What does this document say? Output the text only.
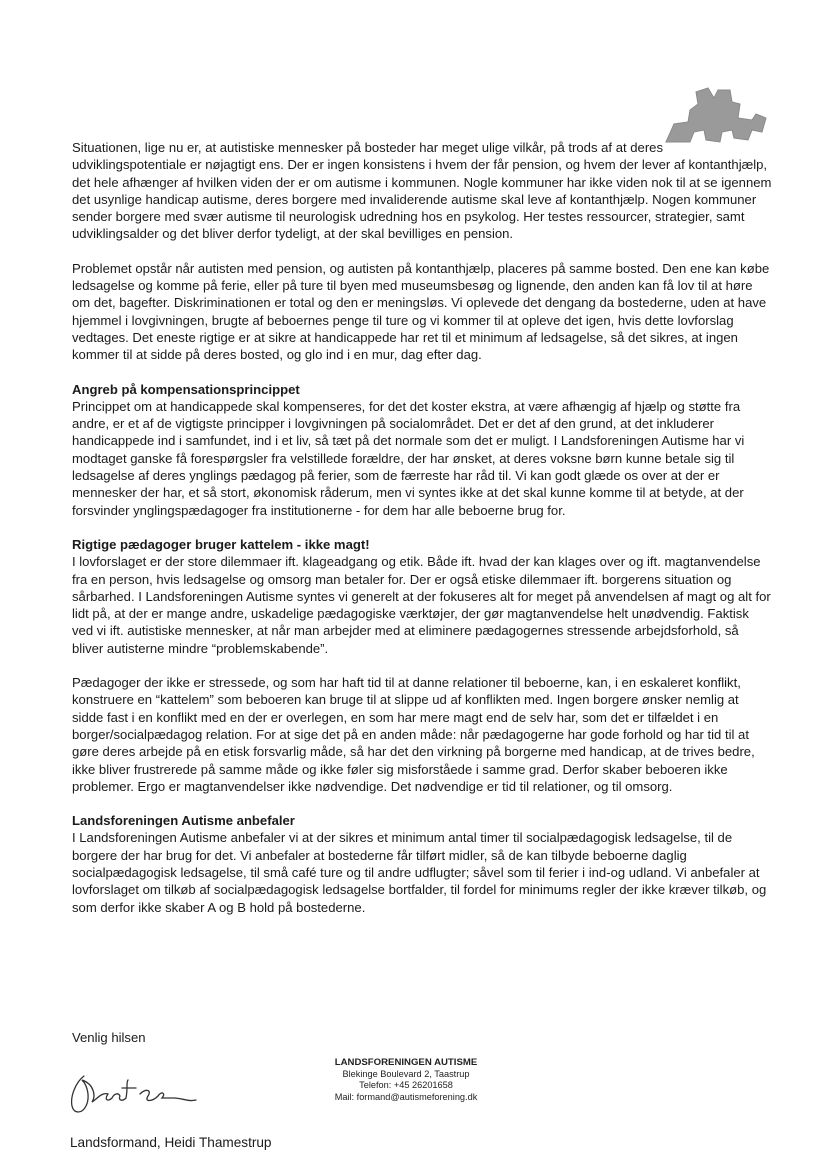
Situationen, lige nu er, at autistiske mennesker på bosteder har meget ulige vilkår, på trods af at deres udviklingspotentiale er nøjagtigt ens. Der er ingen konsistens i hvem der får pension, og hvem der lever af kontanthjælp, det hele afhænger af hvilken viden der er om autisme i kommunen. Nogle kommuner har ikke viden nok til at se igennem det usynlige handicap autisme, deres borgere med invaliderende autisme skal leve af kontanthjælp. Nogen kommuner sender borgere med svær autisme til neurologisk udredning hos en psykolog. Her testes ressourcer, strategier, samt udviklingsalder og det bliver derfor tydeligt, at der skal bevilliges en pension.
Problemet opstår når autisten med pension, og autisten på kontanthjælp, placeres på samme bosted. Den ene kan købe ledsagelse og komme på ferie, eller på ture til byen med museumsbesøg og lignende, den anden kan få lov til at høre om det, bagefter. Diskriminationen er total og den er meningsløs. Vi oplevede det dengang da bostederne, uden at have hjemmel i lovgivningen, brugte af beboernes penge til ture og vi kommer til at opleve det igen, hvis dette lovforslag vedtages. Det eneste rigtige er at sikre at handicappede har ret til et minimum af ledsagelse, så det sikres, at ingen kommer til at sidde på deres bosted, og glo ind i en mur, dag efter dag.
Angreb på kompensationsprincippet
Princippet om at handicappede skal kompenseres, for det det koster ekstra, at være afhængig af hjælp og støtte fra andre, er et af de vigtigste principper i lovgivningen på socialområdet. Det er det af den grund, at det inkluderer handicappede ind i samfundet, ind i et liv, så tæt på det normale som det er muligt. I Landsforeningen Autisme har vi modtaget ganske få forespørgsler fra velstillede forældre, der har ønsket, at deres voksne børn kunne betale sig til ledsagelse af deres ynglings pædagog på ferier, som de færreste har råd til. Vi kan godt glæde os over at der er mennesker der har, et så stort, økonomisk råderum, men vi syntes ikke at det skal kunne komme til at betyde, at der forsvinder ynglingspædagoger fra institutionerne - for dem har alle beboerne brug for.
Rigtige pædagoger bruger kattelem - ikke magt!
I lovforslaget er der store dilemmaer ift. klageadgang og etik. Både ift. hvad der kan klages over og ift. magtanvendelse fra en person, hvis ledsagelse og omsorg man betaler for. Der er også etiske dilemmaer ift. borgerens situation og sårbarhed. I Landsforeningen Autisme syntes vi generelt at der fokuseres alt for meget på anvendelsen af magt og alt for lidt på, at der er mange andre, uskadelige pædagogiske værktøjer, der gør magtanvendelse helt unødvendig. Faktisk ved vi ift. autistiske mennesker, at når man arbejder med at eliminere pædagogernes stressende arbejdsforhold, så bliver autisterne mindre “problemskabende”.
Pædagoger der ikke er stressede, og som har haft tid til at danne relationer til beboerne, kan, i en eskaleret konflikt, konstruere en “kattelem” som beboeren kan bruge til at slippe ud af konflikten med. Ingen borgere ønsker nemlig at sidde fast i en konflikt med en der er overlegen, en som har mere magt end de selv har, som det er tilfældet i en borger/socialpædagog relation. For at sige det på en anden måde: når pædagogerne har gode forhold og har tid til at gøre deres arbejde på en etisk forsvarlig måde, så har det den virkning på borgerne med handicap, at de trives bedre, ikke bliver frustrerede på samme måde og ikke føler sig misforståede i samme grad. Derfor skaber beboeren ikke problemer. Ergo er magtanvendelser ikke nødvendige. Det nødvendige er tid til relationer, og til omsorg.
Landsforeningen Autisme anbefaler
I Landsforeningen Autisme anbefaler vi at der sikres et minimum antal timer til socialpædagogisk ledsagelse, til de borgere der har brug for det. Vi anbefaler at bostederne får tilført midler, så de kan tilbyde beboerne daglig socialpædagogisk ledsagelse, til små café ture og til andre udflugter; såvel som til ferier i ind-og udland. Vi anbefaler at lovforslaget om tilkøb af socialpædagogisk ledsagelse bortfalder, til fordel for minimums regler der ikke kræver tilkøb, og som derfor ikke skaber A og B hold på bostederne.

Venlig hilsen

LANDSFORENINGEN AUTISME
Blekinge Boulevard 2, Taastrup
Telefon: +45 26201658
Mail: formand@autismeforening.dk

Landsformand, Heidi Thamestrup
